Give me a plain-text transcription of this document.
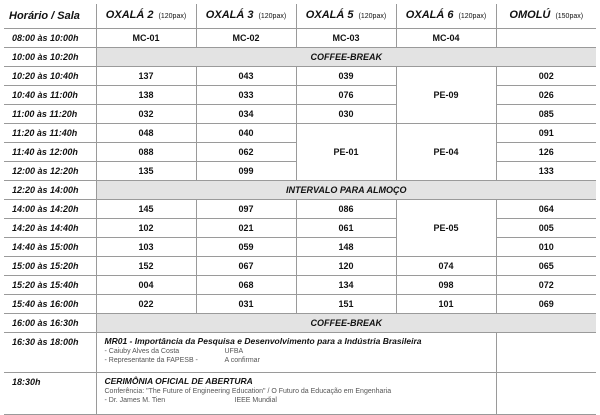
Horário / Sala	OXALÁ 2 (120pax)	OXALÁ 3 (120pax)	OXALÁ 5 (120pax)	OXALÁ 6 (120pax)	OMOLÚ (150pax)
08:00 às 10:00h	MC-01	MC-02	MC-03	MC-04	
10:00 às 10:20h	COFFEE-BREAK				
10:20 às 10:40h	137	043	039	PE-09	002
10:40 às 11:00h	138	033	076		026
11:00 às 11:20h	032	034	030		085
11:20 às 11:40h	048	040	PE-01	PE-04	091
11:40 às 12:00h	088	062			126
12:00 às 12:20h	135	099			133
12:20 às 14:00h	INTERVALO PARA ALMOÇO				
14:00 às 14:20h	145	097	086	PE-05	064
14:20 às 14:40h	102	021	061		005
14:40 às 15:00h	103	059	148		010
15:00 às 15:20h	152	067	120	074	065
15:20 às 15:40h	004	068	134	098	072
15:40 às 16:00h	022	031	151	101	069
16:00 às 16:30h	COFFEE-BREAK				
16:30 às 18:00h	MR01 - Importância da Pesquisa e Desenvolvimento para a Indústria Brasileira
- Caiuby Alves da Costa UFBA
- Representante da FAPESB - A confirmar				

18:30h	CERIMÔNIA OFICIAL DE ABERTURA
Conferência: "The Future of Engineering Education" / O Futuro da Educação em Engenharia
- Dr. James M. Tien IEEE Mundial				
